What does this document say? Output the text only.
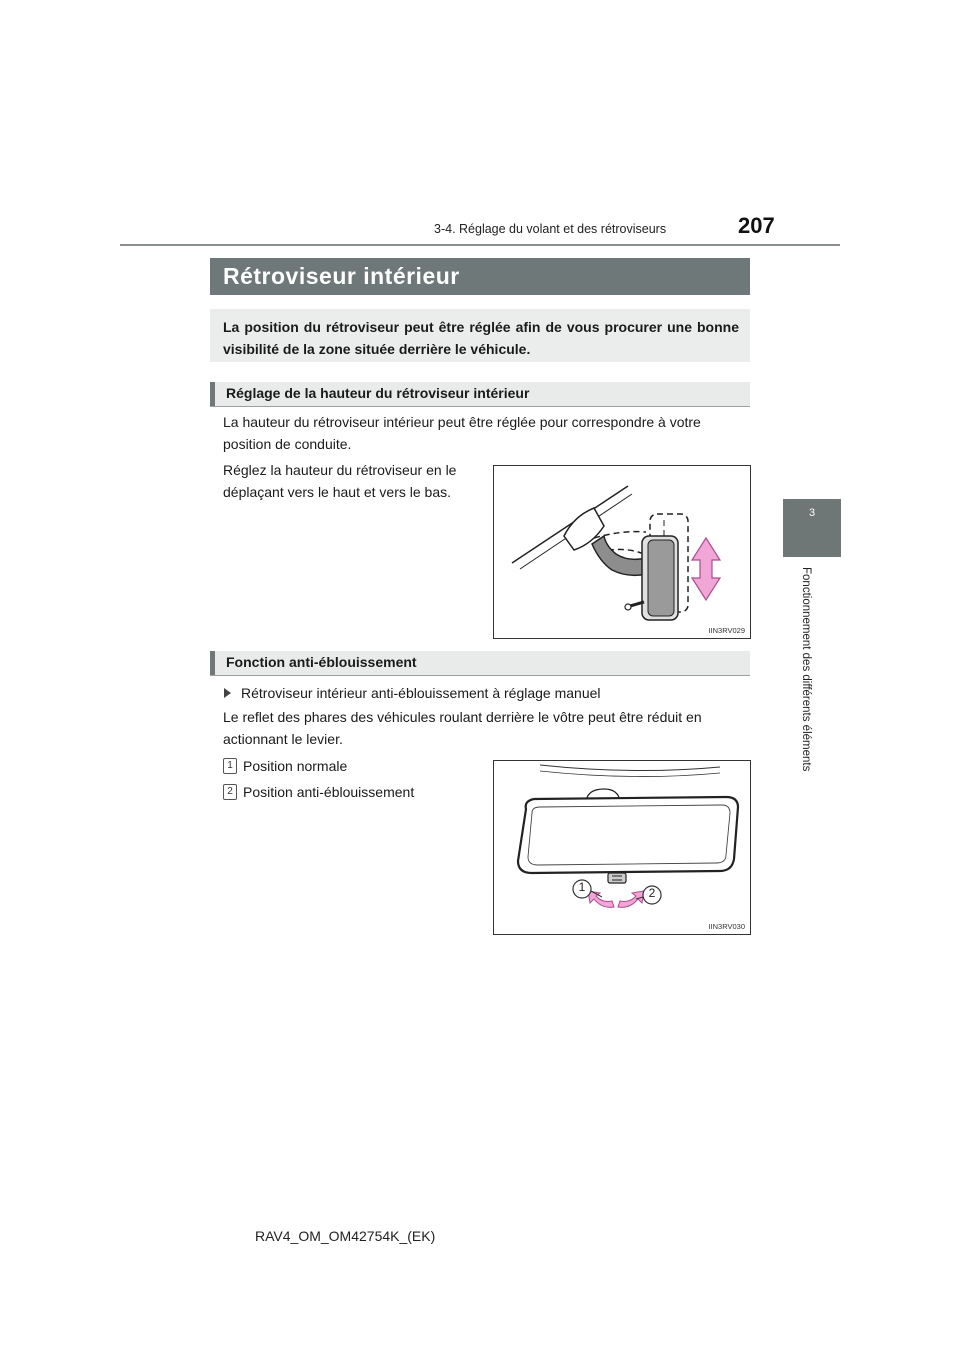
3-4. Réglage du volant et des rétroviseurs	207
3
Fonctionnement des différents éléments
Rétroviseur intérieur
La position du rétroviseur peut être réglée afin de vous procurer une bonne visibilité de la zone située derrière le véhicule.
Réglage de la hauteur du rétroviseur intérieur
La hauteur du rétroviseur intérieur peut être réglée pour correspondre à votre position de conduite.
Réglez la hauteur du rétroviseur en le déplaçant vers le haut et vers le bas.
IIN3RV029
Fonction anti-éblouissement
Rétroviseur intérieur anti-éblouissement à réglage manuel
Le reflet des phares des véhicules roulant derrière le vôtre peut être réduit en actionnant le levier.
1 Position normale
2 Position anti-éblouissement
1	2
IIN3RV030
RAV4_OM_OM42754K_(EK)
